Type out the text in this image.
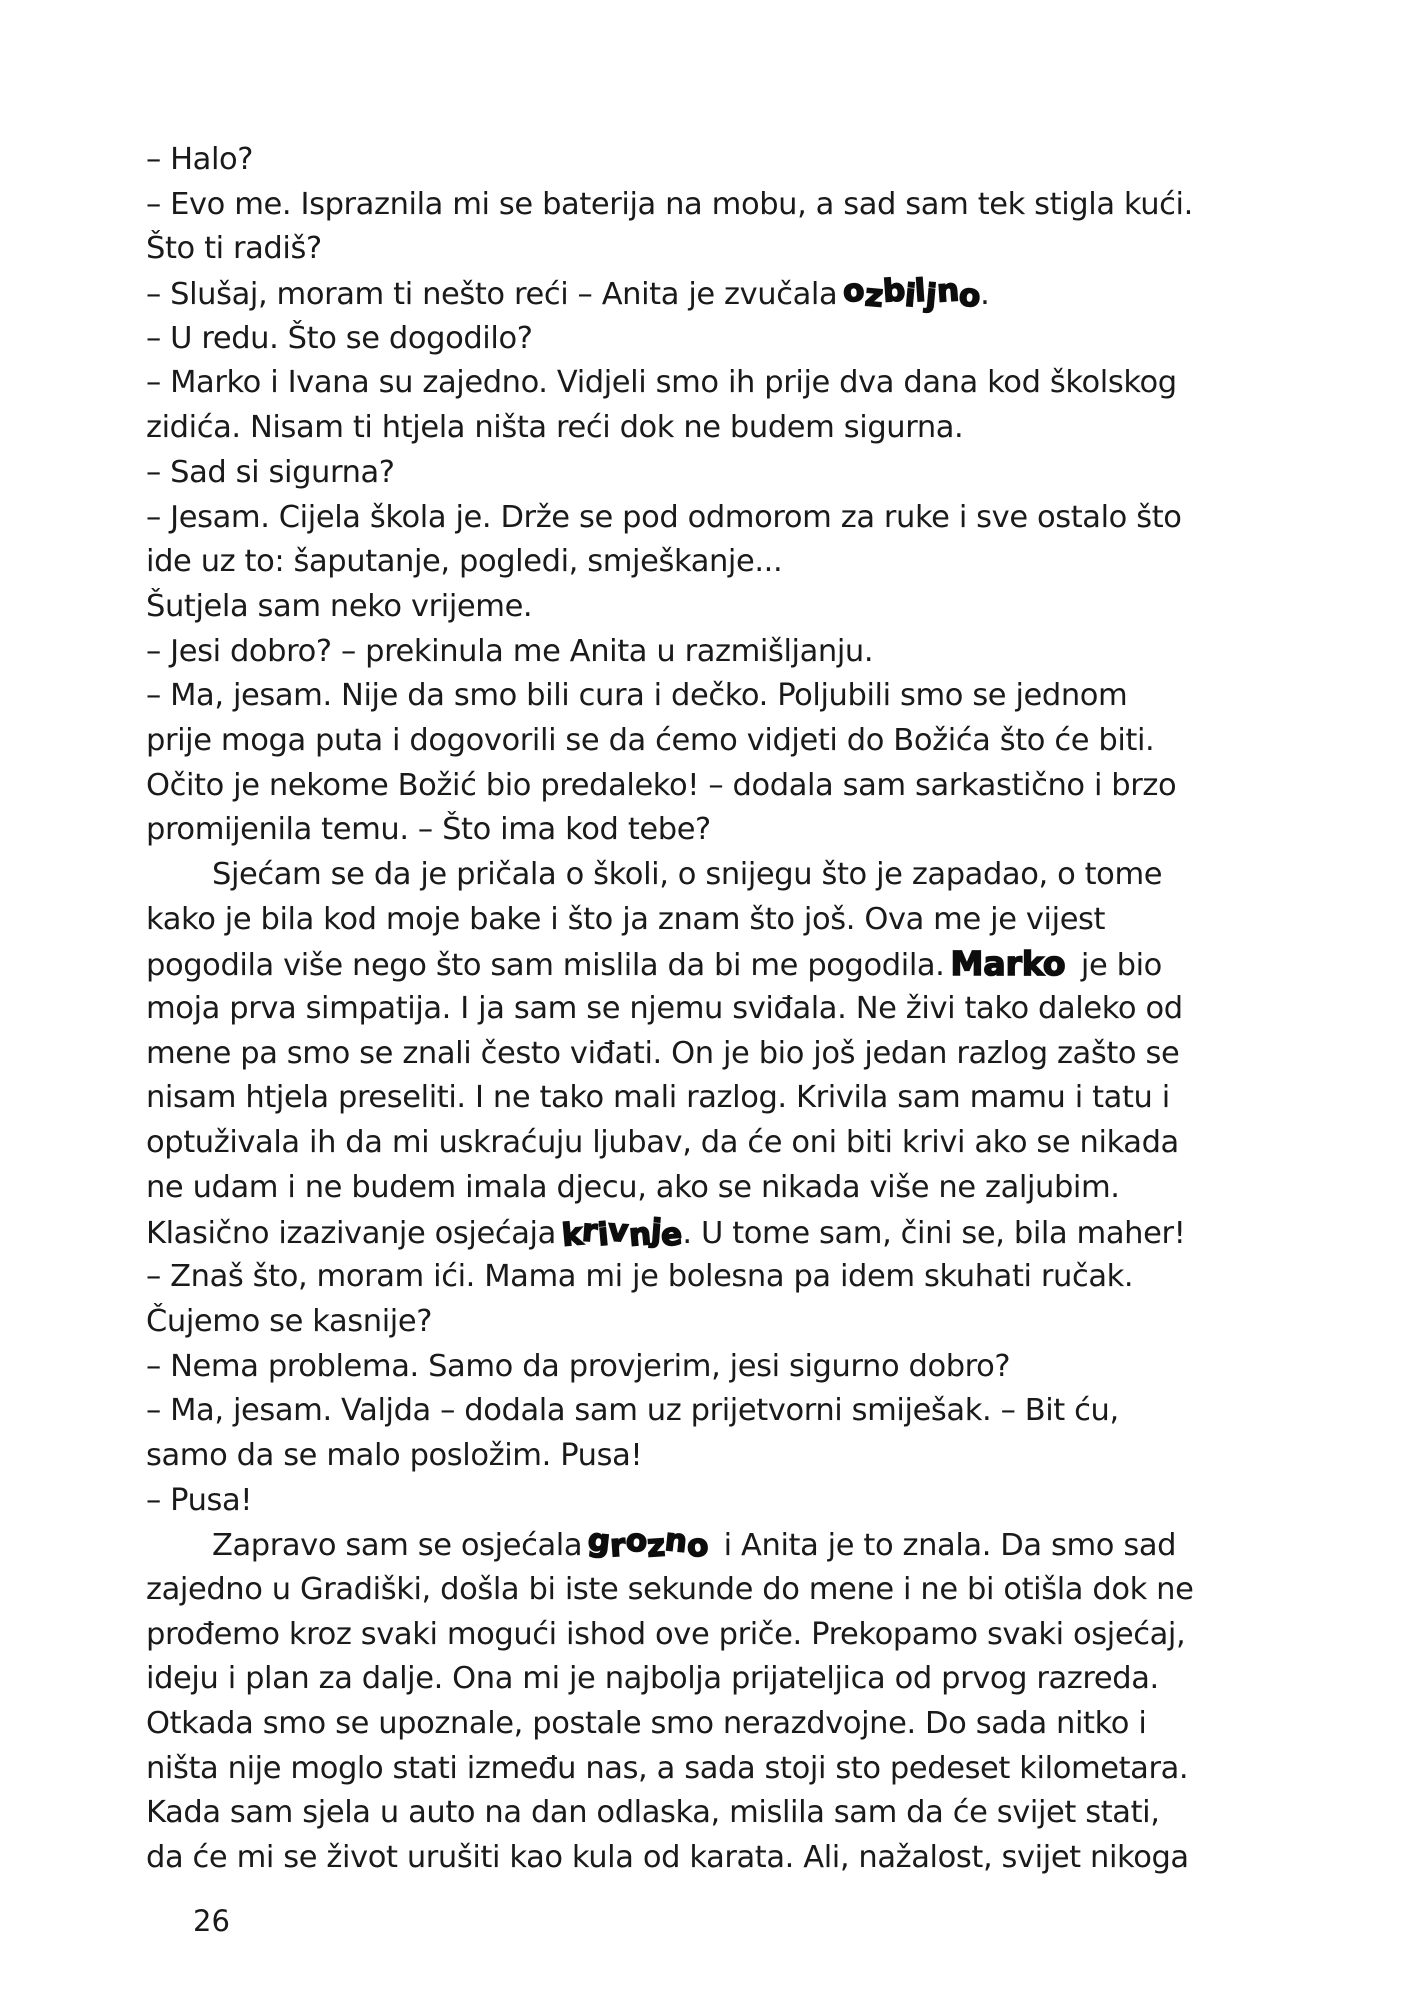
– Halo?
– Evo me. Ispraznila mi se baterija na mobu, a sad sam tek stigla kući.
Što ti radiš?
– Slušaj, moram ti nešto reći – Anita je zvučala ozbiljno.
– U redu. Što se dogodilo?
– Marko i Ivana su zajedno. Vidjeli smo ih prije dva dana kod školskog
zidića. Nisam ti htjela ništa reći dok ne budem sigurna.
– Sad si sigurna?
– Jesam. Cijela škola je. Drže se pod odmorom za ruke i sve ostalo što
ide uz to: šaputanje, pogledi, smješkanje...
Šutjela sam neko vrijeme.
– Jesi dobro? – prekinula me Anita u razmišljanju.
– Ma, jesam. Nije da smo bili cura i dečko. Poljubili smo se jednom
prije moga puta i dogovorili se da ćemo vidjeti do Božića što će biti.
Očito je nekome Božić bio predaleko! – dodala sam sarkastično i brzo
promijenila temu. – Što ima kod tebe?
Sjećam se da je pričala o školi, o snijegu što je zapadao, o tome
kako je bila kod moje bake i što ja znam što još. Ova me je vijest
pogodila više nego što sam mislila da bi me pogodila. Marko je bio
moja prva simpatija. I ja sam se njemu sviđala. Ne živi tako daleko od
mene pa smo se znali često viđati. On je bio još jedan razlog zašto se
nisam htjela preseliti. I ne tako mali razlog. Krivila sam mamu i tatu i
optuživala ih da mi uskraćuju ljubav, da će oni biti krivi ako se nikada
ne udam i ne budem imala djecu, ako se nikada više ne zaljubim.
Klasično izazivanje osjećaja krivnje. U tome sam, čini se, bila maher!
– Znaš što, moram ići. Mama mi je bolesna pa idem skuhati ručak.
Čujemo se kasnije?
– Nema problema. Samo da provjerim, jesi sigurno dobro?
– Ma, jesam. Valjda – dodala sam uz prijetvorni smiješak. – Bit ću,
samo da se malo posložim. Pusa!
– Pusa!
Zapravo sam se osjećala grozno i Anita je to znala. Da smo sad
zajedno u Gradiški, došla bi iste sekunde do mene i ne bi otišla dok ne
prođemo kroz svaki mogući ishod ove priče. Prekopamo svaki osjećaj,
ideju i plan za dalje. Ona mi je najbolja prijateljica od prvog razreda.
Otkada smo se upoznale, postale smo nerazdvojne. Do sada nitko i
ništa nije moglo stati između nas, a sada stoji sto pedeset kilometara.
Kada sam sjela u auto na dan odlaska, mislila sam da će svijet stati,
da će mi se život urušiti kao kula od karata. Ali, nažalost, svijet nikoga
26
